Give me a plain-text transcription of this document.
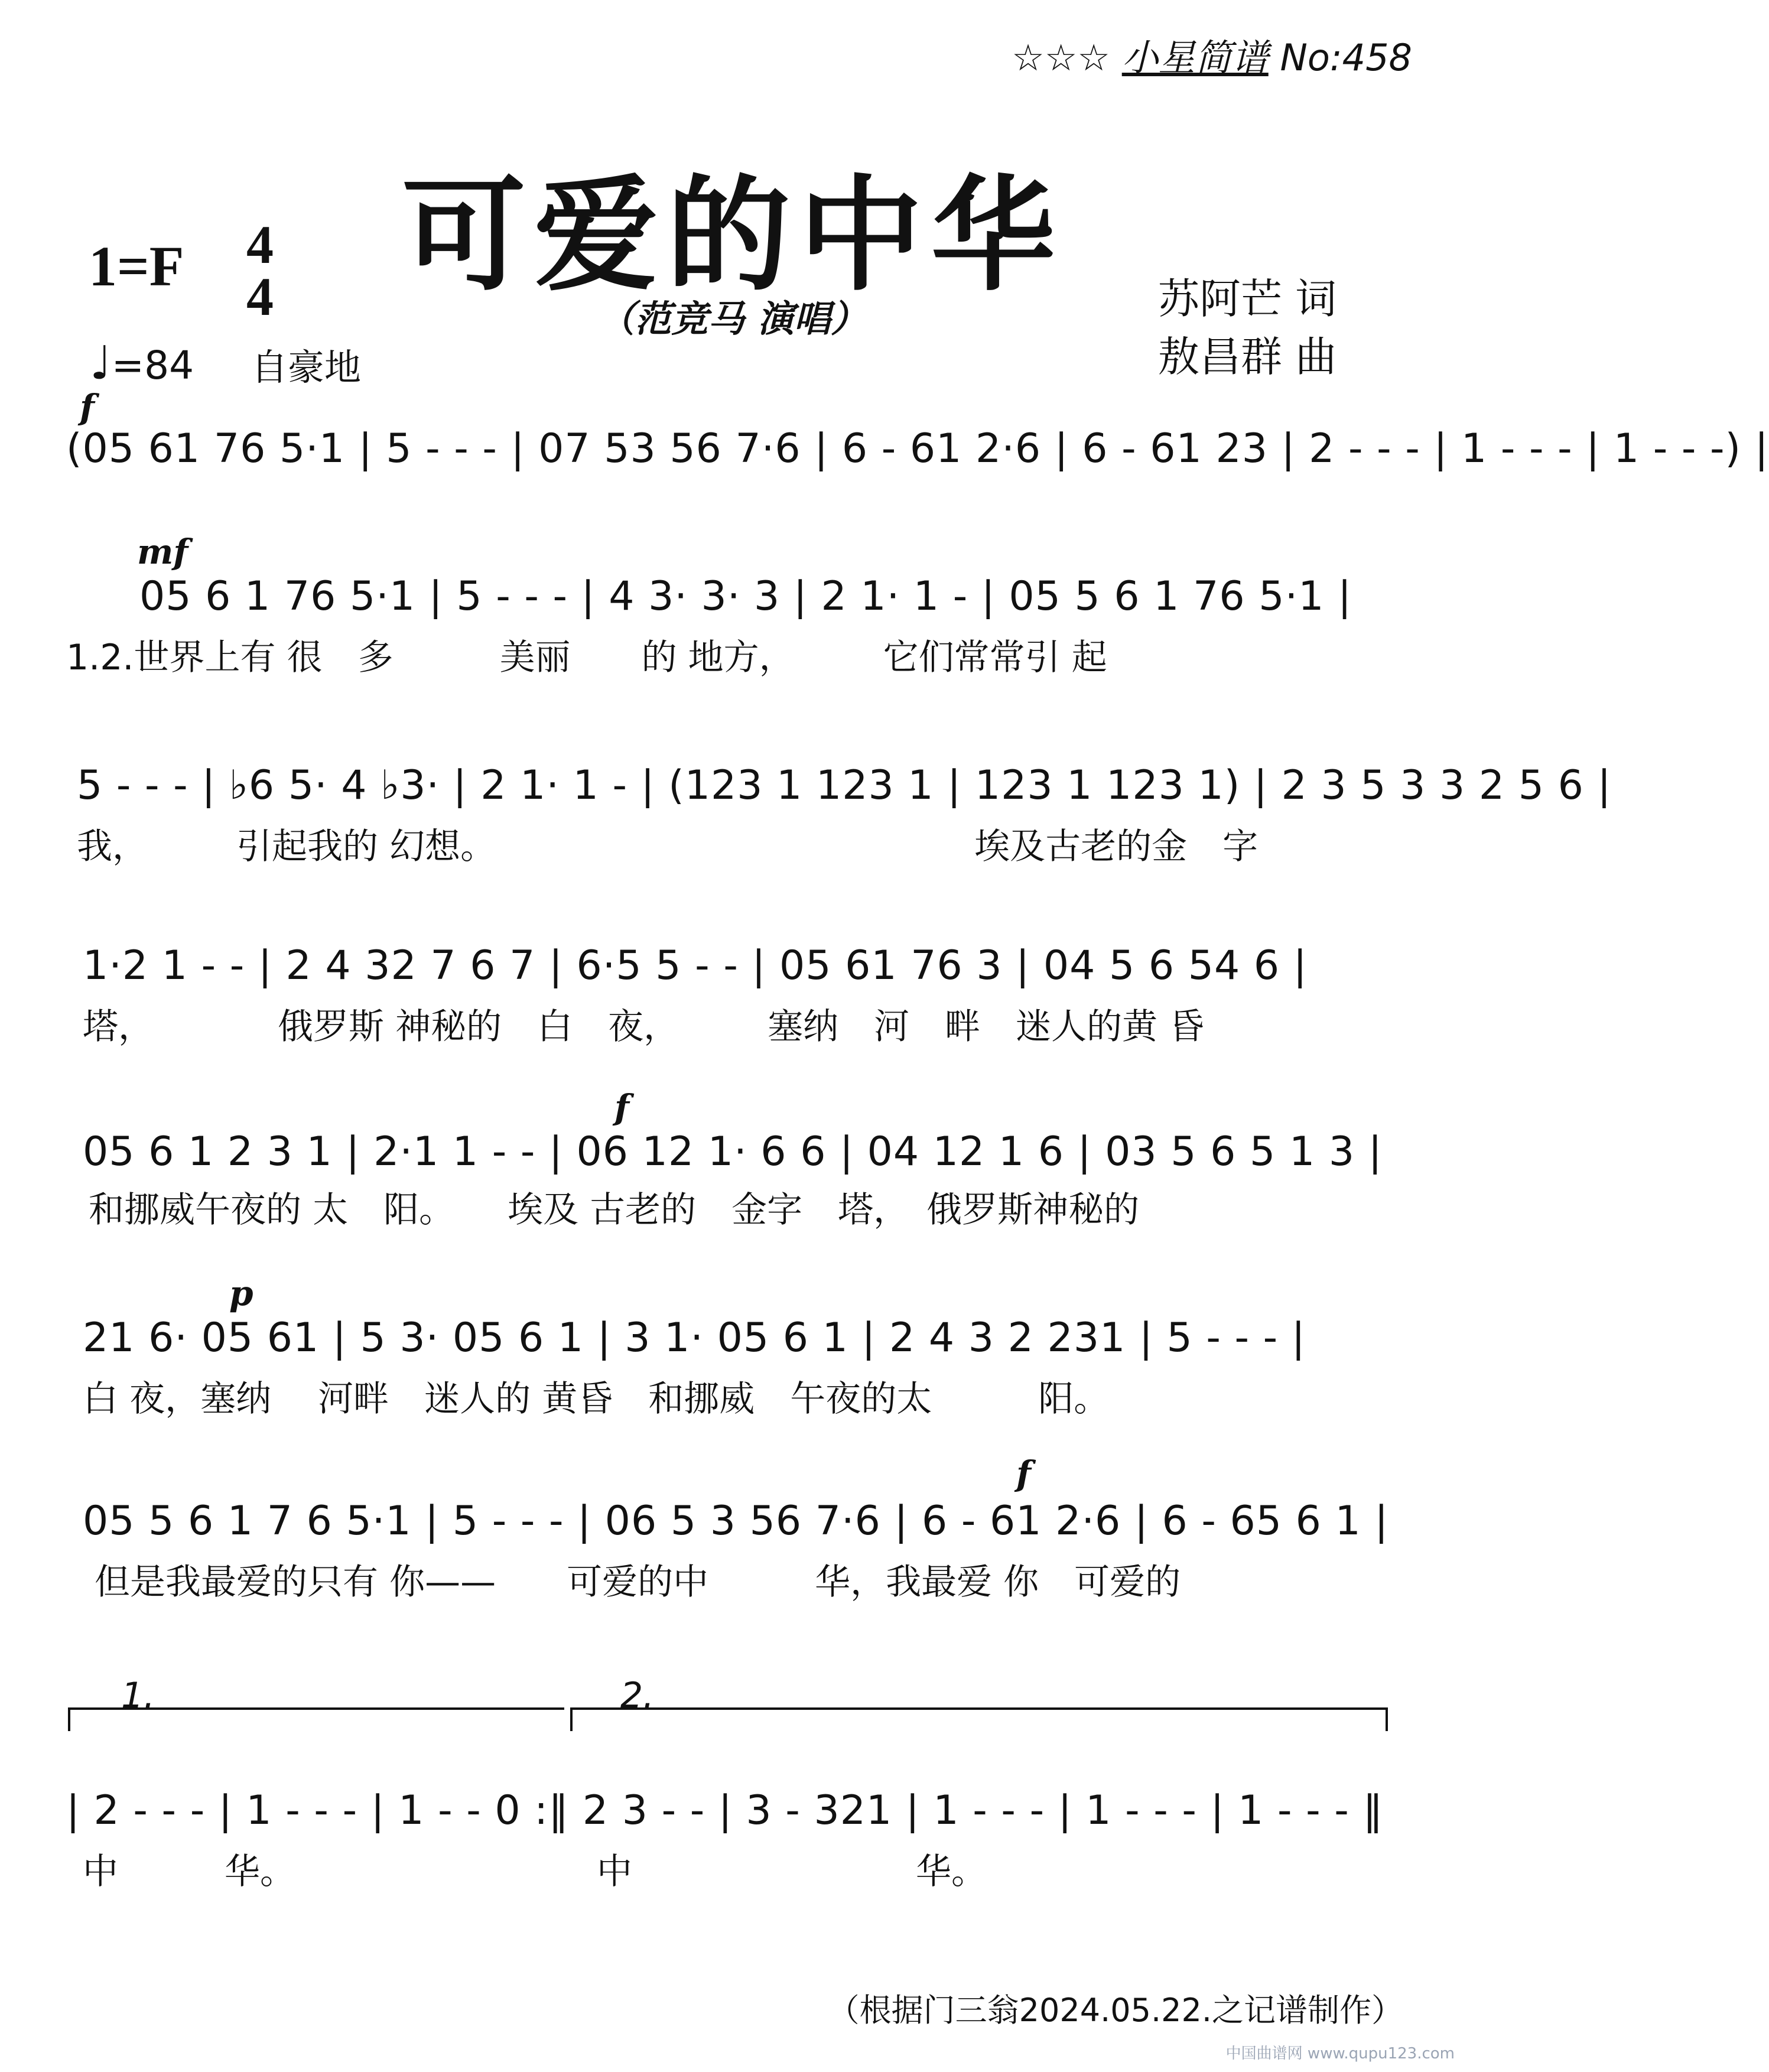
☆☆☆ 小星简谱 No:458
可爱的中华
（范竞马 演唱）
1=F 4
4
♩=84 自豪地
苏阿芒 词
敖昌群 曲
f
(05 61 76 5·1 | 5 - - - | 07 53 56 7·6 | 6 - 61 2·6 | 6 - 61 23 | 2 - - - | 1 - - - | 1 - - -) |
mf
05 6 1 76 5·1 | 5 - - - | 4 3· 3· 3 | 2 1· 1 - | 05 5 6 1 76 5·1 |
1.2.世界上有 很　多　　　美丽　　的 地方，　　　它们常常引 起
5 - - - | ♭6 5· 4 ♭3· | 2 1· 1 - | (123 1 123 1 | 123 1 123 1) | 2 3 5 3 3 2 5 6 |
我，　　　引起我的 幻想。　　　　　　　　　　　　　　埃及古老的金　字
1·2 1 - - | 2 4 32 7 6 7 | 6·5 5 - - | 05 61 76 3 | 04 5 6 54 6 |
塔，　　　　俄罗斯 神秘的　白　夜，　　　塞纳　河　畔　迷人的黄 昏
f
05 6 1 2 3 1 | 2·1 1 - - | 06 12 1· 6 6 | 04 12 1 6 | 03 5 6 5 1 3 |
和挪威午夜的 太　阳。　　埃及 古老的　金字　塔，　俄罗斯神秘的
p
21 6· 05 61 | 5 3· 05 6 1 | 3 1· 05 6 1 | 2 4 3 2 231 | 5 - - - |
白 夜，塞纳　 河畔　迷人的 黄昏　和挪威　午夜的太　　　阳。
f
05 5 6 1 7 6 5·1 | 5 - - - | 06 5 3 56 7·6 | 6 - 61 2·6 | 6 - 65 6 1 |
但是我最爱的只有 你——　　可爱的中　　　华，我最爱 你　可爱的
1.	2.
| 2 - - - | 1 - - - | 1 - - 0 :‖ 2 3 - - | 3 - 321 | 1 - - - | 1 - - - | 1 - - - ‖
中　　　华。　　　　　　　　　中　　　　　　　　华。
（根据门三翁2024.05.22.之记谱制作）
中国曲谱网 www.qupu123.com
